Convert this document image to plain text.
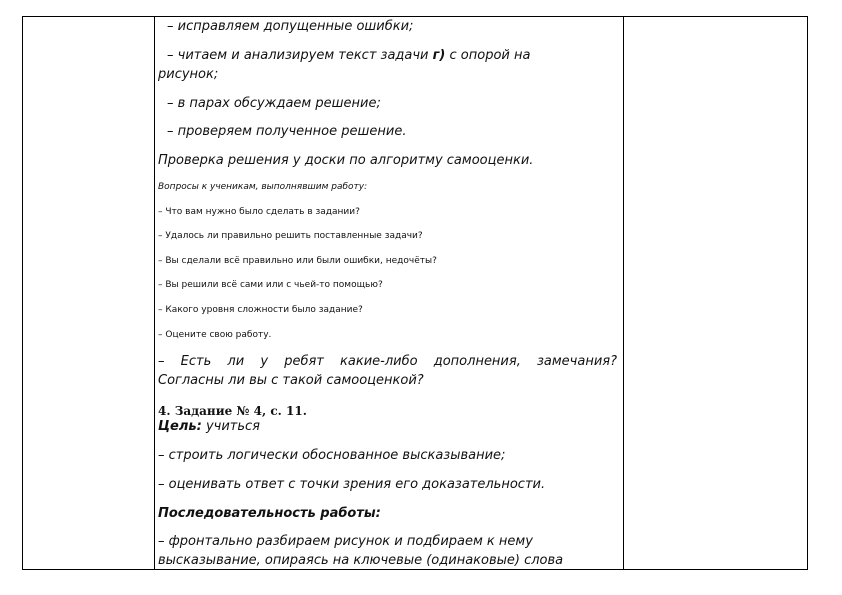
– исправляем допущенные ошибки;
– читаем и анализируем текст задачи г) с опорой на
рисунок;
– в парах обсуждаем решение;
– проверяем полученное решение.
Проверка решения у доски по алгоритму самооценки.
Вопросы к ученикам, выполнявшим работу:
– Что вам нужно было сделать в задании?
– Удалось ли правильно решить поставленные задачи?
– Вы сделали всё правильно или были ошибки, недочёты?
– Вы решили всё сами или с чьей-то помощью?
– Какого уровня сложности было задание?
– Оцените свою работу.
– Есть ли у ребят какие-либо дополнения, замечания?
Согласны ли вы с такой самооценкой?
4. Задание № 4, с. 11.
Цель: учиться
– строить логически обоснованное высказывание;
– оценивать ответ с точки зрения его доказательности.
Последовательность работы:
– фронтально разбираем рисунок и подбираем к нему
высказывание, опираясь на ключевые (одинаковые) слова
